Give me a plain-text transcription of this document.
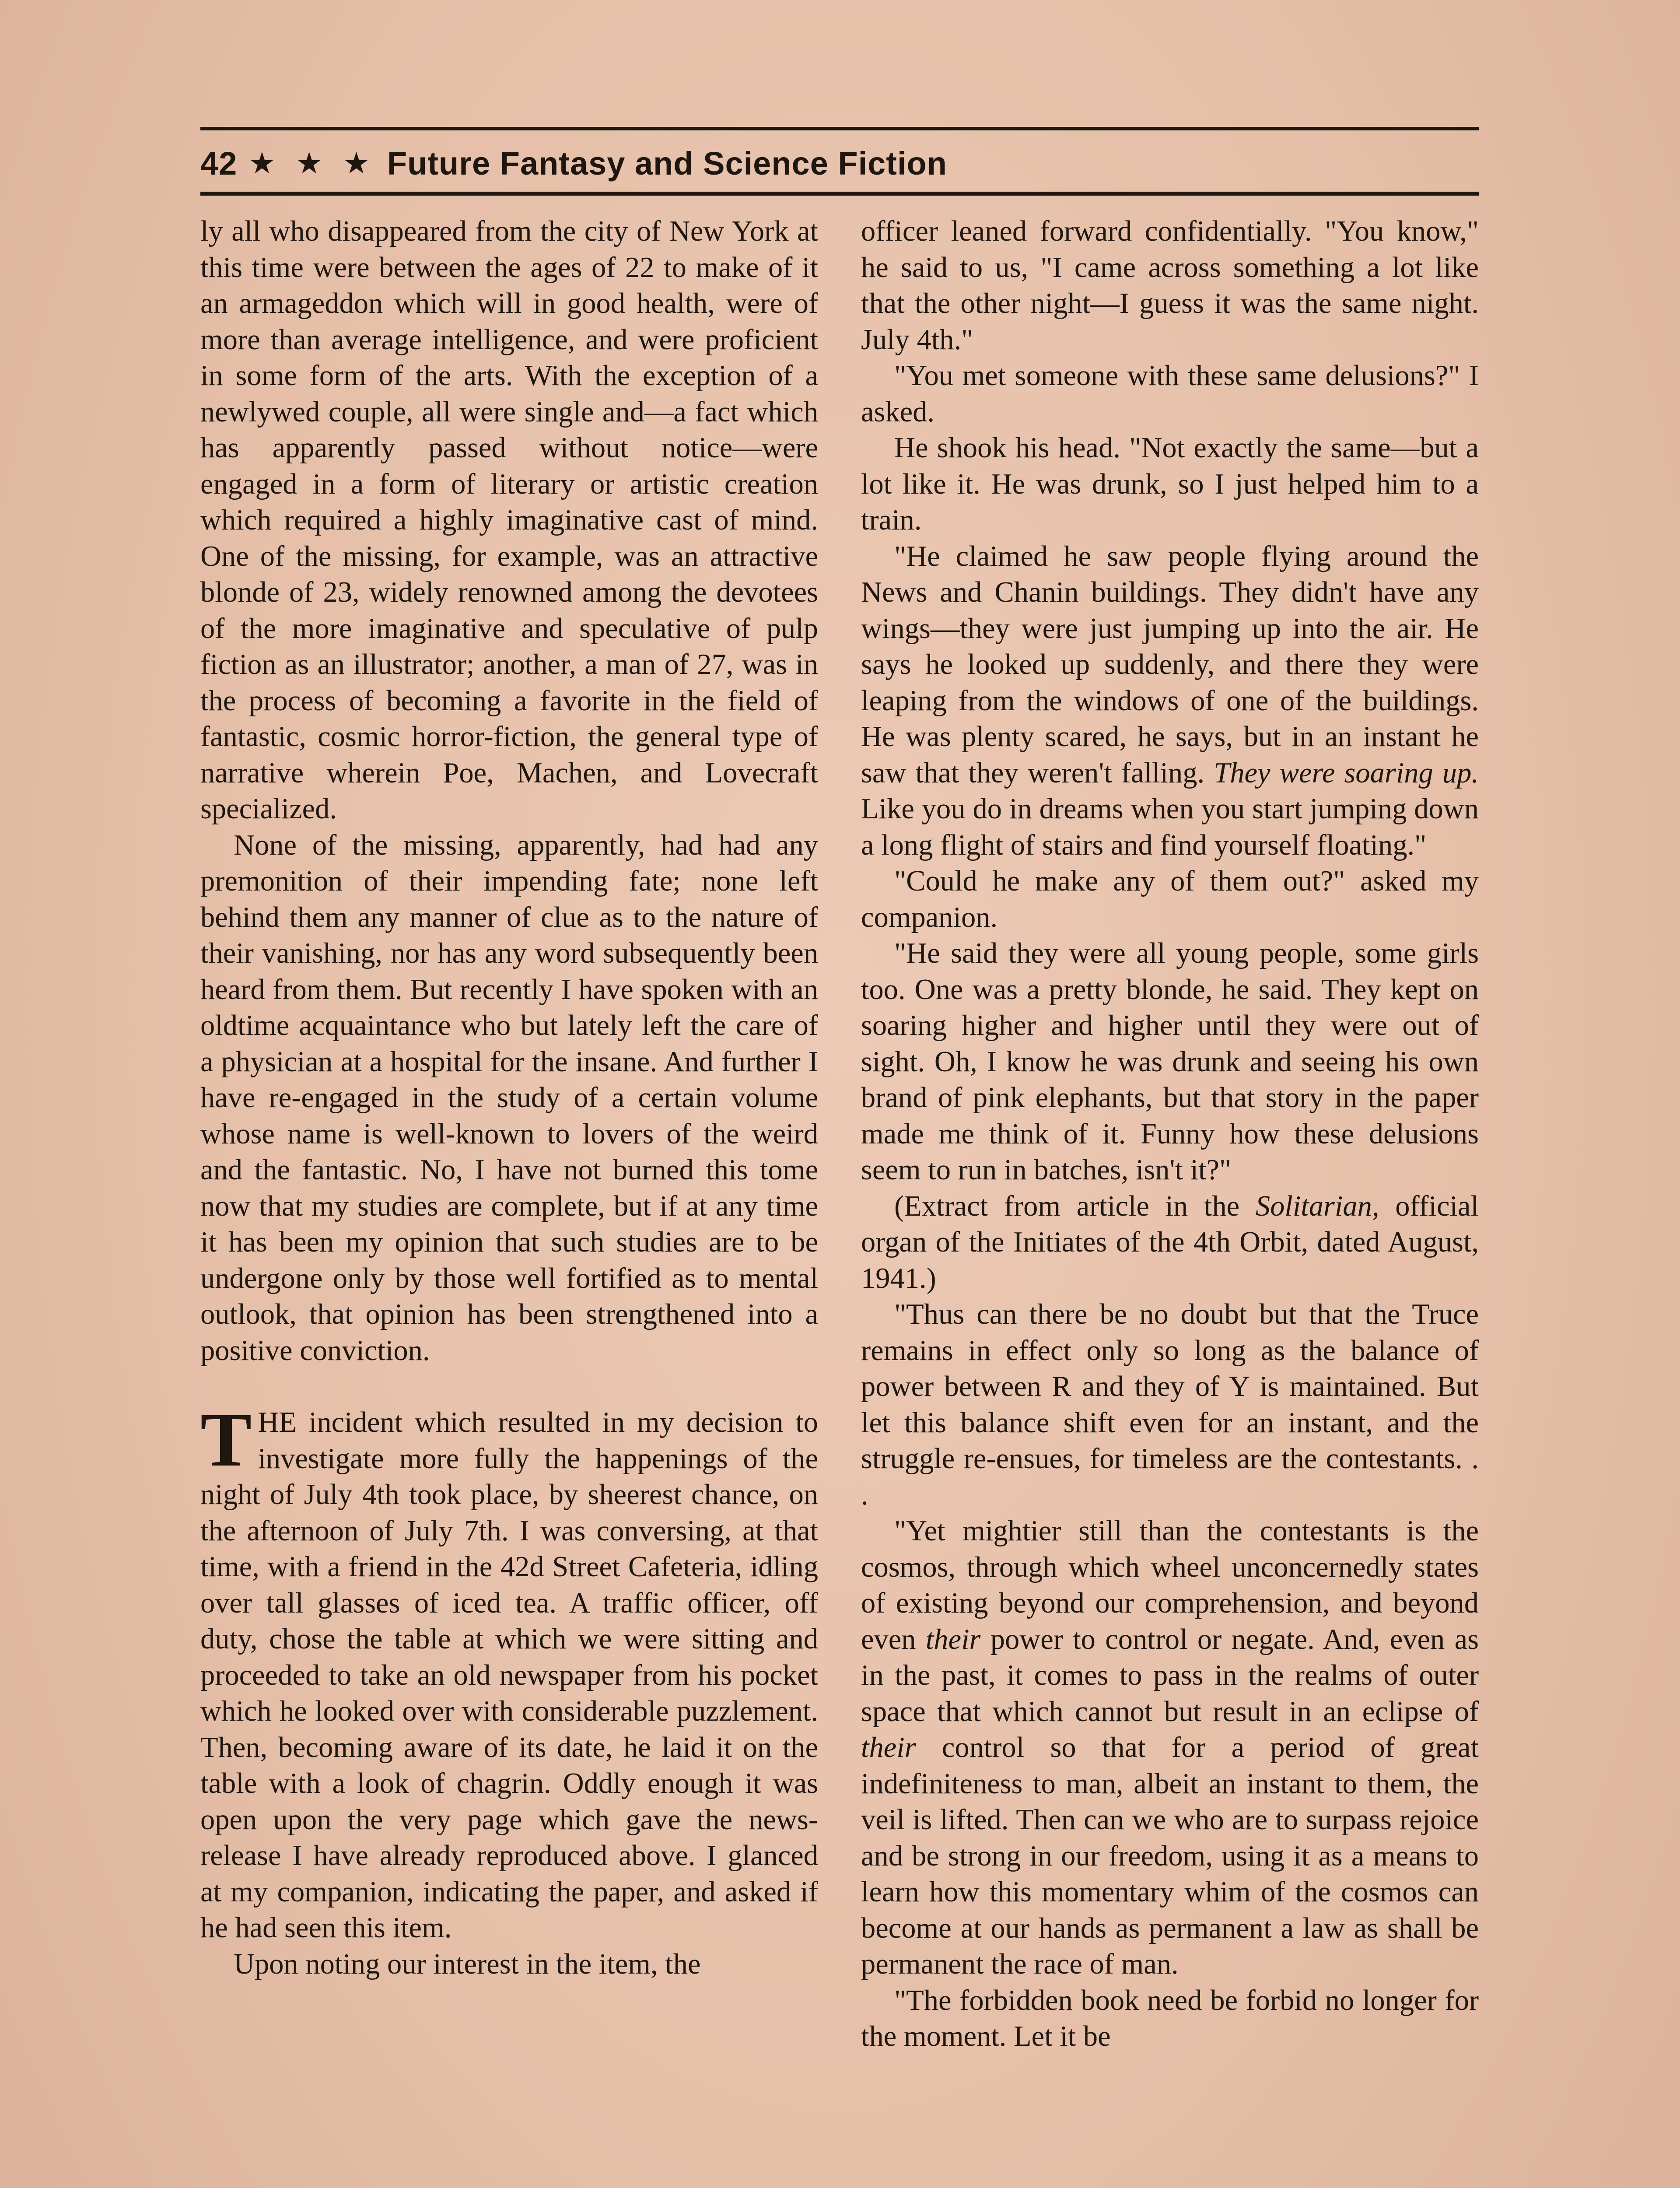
42 ★ ★ ★ Future Fantasy and Science Fiction

ly all who disappeared from the city of New York at this time were between the ages of 22 to make of it an armageddon which will in good health, were of more than average intelligence, and were proficient in some form of the arts. With the exception of a newlywed couple, all were single and—a fact which has apparently passed without notice—were engaged in a form of literary or artistic creation which required a highly imaginative cast of mind. One of the missing, for example, was an attractive blonde of 23, widely renowned among the devotees of the more imaginative and speculative of pulp fiction as an illustrator; another, a man of 27, was in the process of becoming a favorite in the field of fantastic, cosmic horror-fiction, the general type of narrative wherein Poe, Machen, and Lovecraft specialized.

None of the missing, apparently, had had any premonition of their impending fate; none left behind them any manner of clue as to the nature of their vanishing, nor has any word subsequently been heard from them. But recently I have spoken with an oldtime acquaintance who but lately left the care of a physician at a hospital for the insane. And further I have re-engaged in the study of a certain volume whose name is well-known to lovers of the weird and the fantastic. No, I have not burned this tome now that my studies are complete, but if at any time it has been my opinion that such studies are to be undergone only by those well fortified as to mental outlook, that opinion has been strengthened into a positive conviction.

THE incident which resulted in my decision to investigate more fully the happenings of the night of July 4th took place, by sheerest chance, on the afternoon of July 7th. I was conversing, at that time, with a friend in the 42d Street Cafeteria, idling over tall glasses of iced tea. A traffic officer, off duty, chose the table at which we were sitting and proceeded to take an old newspaper from his pocket which he looked over with considerable puzzlement. Then, becoming aware of its date, he laid it on the table with a look of chagrin. Oddly enough it was open upon the very page which gave the news-release I have already reproduced above. I glanced at my companion, indicating the paper, and asked if he had seen this item.

Upon noting our interest in the item, the

officer leaned forward confidentially. "You know," he said to us, "I came across something a lot like that the other night—I guess it was the same night. July 4th."

"You met someone with these same delusions?" I asked.

He shook his head. "Not exactly the same—but a lot like it. He was drunk, so I just helped him to a train.

"He claimed he saw people flying around the News and Chanin buildings. They didn't have any wings—they were just jumping up into the air. He says he looked up suddenly, and there they were leaping from the windows of one of the buildings. He was plenty scared, he says, but in an instant he saw that they weren't falling. They were soaring up. Like you do in dreams when you start jumping down a long flight of stairs and find yourself floating."

"Could he make any of them out?" asked my companion.

"He said they were all young people, some girls too. One was a pretty blonde, he said. They kept on soaring higher and higher until they were out of sight. Oh, I know he was drunk and seeing his own brand of pink elephants, but that story in the paper made me think of it. Funny how these delusions seem to run in batches, isn't it?"

(Extract from article in the Solitarian, official organ of the Initiates of the 4th Orbit, dated August, 1941.)

"Thus can there be no doubt but that the Truce remains in effect only so long as the balance of power between R and they of Y is maintained. But let this balance shift even for an instant, and the struggle re-ensues, for timeless are the contestants. . .

"Yet mightier still than the contestants is the cosmos, through which wheel unconcernedly states of existing beyond our comprehension, and beyond even their power to control or negate. And, even as in the past, it comes to pass in the realms of outer space that which cannot but result in an eclipse of their control so that for a period of great indefiniteness to man, albeit an instant to them, the veil is lifted. Then can we who are to surpass rejoice and be strong in our freedom, using it as a means to learn how this momentary whim of the cosmos can become at our hands as permanent a law as shall be permanent the race of man.

"The forbidden book need be forbid no longer for the moment. Let it be
